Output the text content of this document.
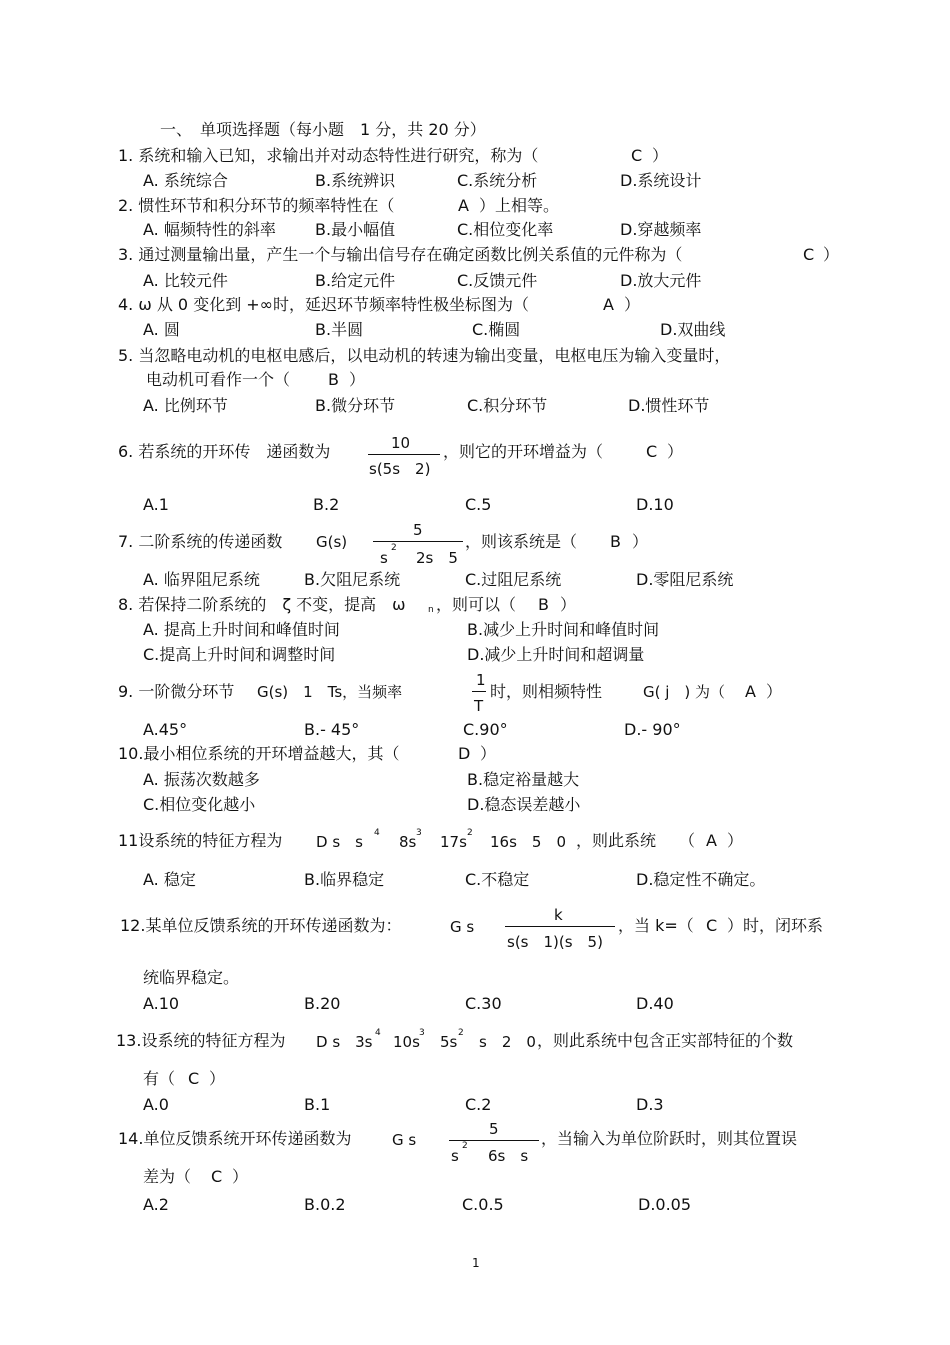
一、　单项选择题（每小题　1 分，共 20 分）
1. 系统和输入已知，求输出并对动态特性进行研究，称为（	C ）
A. 系统综合	B.系统辨识	C.系统分析	D.系统设计
2. 惯性环节和积分环节的频率特性在（	A ）上相等。
A. 幅频特性的斜率 B.最小幅值	C.相位变化率	D.穿越频率
3. 通过测量输出量，产生一个与输出信号存在确定函数比例关系值的元件称为（	C ）
A. 比较元件	B.给定元件	C.反馈元件	D.放大元件
4. ω 从 0 变化到 +∞时，延迟环节频率特性极坐标图为（	A ）
A. 圆	B.半圆	C.椭圆	D.双曲线
5. 当忽略电动机的电枢电感后，以电动机的转速为输出变量，电枢电压为输入变量时，
电动机可看作一个（ B ）
A. 比例环节	B.微分环节	C.积分环节	D.惯性环节
6. 若系统的开环传　递函数为	10
s(5s　2)
，则它的开环增益为（	C ）
A.1	B.2	C.5	D.10
7. 二阶系统的传递函数 G(s)
5
s
2
2s　5
，则该系统是（ B ）
A. 临界阻尼系统	B.欠阻尼系统	C.过阻尼系统	D.零阻尼系统
8. 若保持二阶系统的　ζ 不变，提高　ω n ，则可以（ B ）
A. 提高上升时间和峰值时间	B.减少上升时间和峰值时间
C.提高上升时间和调整时间	D.减少上升时间和超调量
9. 一阶微分环节 G(s)　1　Ts，当频率
1
T
时，则相频特性	G( j　) 为（ A ）
A.45°	B.- 45°	C.90°	D.- 90°
10.最小相位系统的开环增益越大，其（	D ）
A. 振荡次数越多	B.稳定裕量越大
C.相位变化越小	D.稳态误差越小
11设系统的特征方程为 D s　s 4 8s 3 17s 2 16s　5　0 ，则此系统 （ A ）
A. 稳定	B.临界稳定	C.不稳定	D.稳定性不确定。
12.某单位反馈系统的开环传递函数为：	G s
k
s(s　1)(s　5)
，当 k=（ C ）时，闭环系
统临界稳定。
A.10	B.20	C.30	D.40
13.设系统的特征方程为 D s　3s 4 10s 3 5s 2 s　2　0 ，则此系统中包含正实部特征的个数
有（ C ）
A.0	B.1	C.2	D.3
14.单位反馈系统开环传递函数为	G s
5
s
2
6s　s
，当输入为单位阶跃时，则其位置误
差为（ C ）
A.2	B.0.2	C.0.5	D.0.05
1
